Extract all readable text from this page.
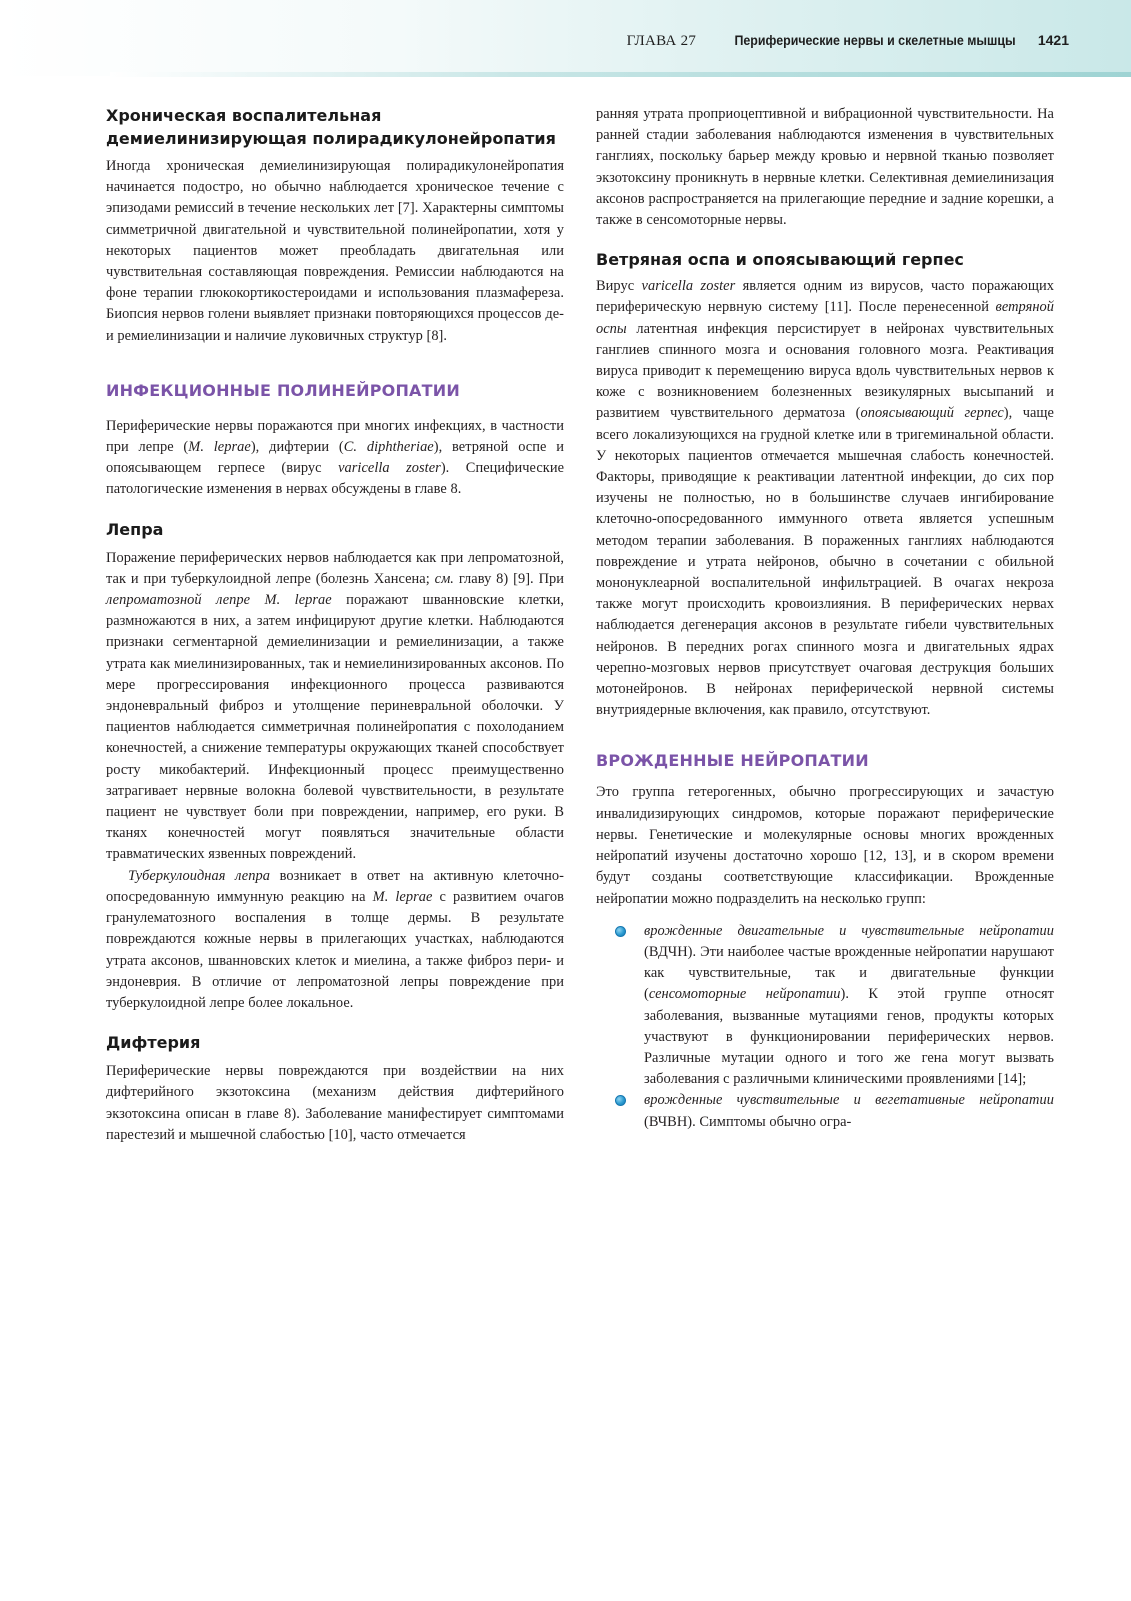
ГЛАВА 27	Периферические нервы и скелетные мышцы 1421
Хроническая воспалительная демиелинизирующая полирадикулонейропатия

Иногда хроническая демиелинизирующая полирадикулонейропатия начинается подостро, но обычно наблюдается хроническое течение с эпизодами ремиссий в течение нескольких лет [7]. Характерны симптомы симметричной двигательной и чувствительной полинейропатии, хотя у некоторых пациентов может преобладать двигательная или чувствительная составляющая повреждения. Ремиссии наблюдаются на фоне терапии глюкокортикостероидами и использования плазмафереза. Биопсия нервов голени выявляет признаки повторяющихся процессов де- и ремиелинизации и наличие луковичных структур [8].

ИНФЕКЦИОННЫЕ ПОЛИНЕЙРОПАТИИ

Периферические нервы поражаются при многих инфекциях, в частности при лепре (M. leprae), дифтерии (C. diphtheriae), ветряной оспе и опоясывающем герпесе (вирус varicella zoster). Специфические патологические изменения в нервах обсуждены в главе 8.

Лепра

Поражение периферических нервов наблюдается как при лепроматозной, так и при туберкулоидной лепре (болезнь Хансена; см. главу 8) [9]. При лепроматозной лепре M. leprae поражают шванновские клетки, размножаются в них, а затем инфицируют другие клетки. Наблюдаются признаки сегментарной демиелинизации и ремиелинизации, а также утрата как миелинизированных, так и немиелинизированных аксонов. По мере прогрессирования инфекционного процесса развиваются эндоневральный фиброз и утолщение периневральной оболочки. У пациентов наблюдается симметричная полинейропатия с похолоданием конечностей, а снижение температуры окружающих тканей способствует росту микобактерий. Инфекционный процесс преимущественно затрагивает нервные волокна болевой чувствительности, в результате пациент не чувствует боли при повреждении, например, его руки. В тканях конечностей могут появляться значительные области травматических язвенных повреждений.

Туберкулоидная лепра возникает в ответ на активную клеточно-опосредованную иммунную реакцию на M. leprae с развитием очагов гранулематозного воспаления в толще дермы. В результате повреждаются кожные нервы в прилегающих участках, наблюдаются утрата аксонов, шванновских клеток и миелина, а также фиброз пери- и эндоневрия. В отличие от лепроматозной лепры повреждение при туберкулоидной лепре более локальное.

Дифтерия

Периферические нервы повреждаются при воздействии на них дифтерийного экзотоксина (механизм действия дифтерийного экзотоксина описан в главе 8). Заболевание манифестирует симптомами парестезий и мышечной слабостью [10], часто отмечается

ранняя утрата проприоцептивной и вибрационной чувствительности. На ранней стадии заболевания наблюдаются изменения в чувствительных ганглиях, поскольку барьер между кровью и нервной тканью позволяет экзотоксину проникнуть в нервные клетки. Селективная демиелинизация аксонов распространяется на прилегающие передние и задние корешки, а также в сенсомоторные нервы.

Ветряная оспа и опоясывающий герпес

Вирус varicella zoster является одним из вирусов, часто поражающих периферическую нервную систему [11]. После перенесенной ветряной оспы латентная инфекция персистирует в нейронах чувствительных ганглиев спинного мозга и основания головного мозга. Реактивация вируса приводит к перемещению вируса вдоль чувствительных нервов к коже с возникновением болезненных везикулярных высыпаний и развитием чувствительного дерматоза (опоясывающий герпес), чаще всего локализующихся на грудной клетке или в тригеминальной области. У некоторых пациентов отмечается мышечная слабость конечностей. Факторы, приводящие к реактивации латентной инфекции, до сих пор изучены не полностью, но в большинстве случаев ингибирование клеточно-опосредованного иммунного ответа является успешным методом терапии заболевания. В пораженных ганглиях наблюдаются повреждение и утрата нейронов, обычно в сочетании с обильной мононуклеарной воспалительной инфильтрацией. В очагах некроза также могут происходить кровоизлияния. В периферических нервах наблюдается дегенерация аксонов в результате гибели чувствительных нейронов. В передних рогах спинного мозга и двигательных ядрах черепно-мозговых нервов присутствует очаговая деструкция больших мотонейронов. В нейронах периферической нервной системы внутриядерные включения, как правило, отсутствуют.

ВРОЖДЕННЫЕ НЕЙРОПАТИИ

Это группа гетерогенных, обычно прогрессирующих и зачастую инвалидизирующих синдромов, которые поражают периферические нервы. Генетические и молекулярные основы многих врожденных нейропатий изучены достаточно хорошо [12, 13], и в скором времени будут созданы соответствующие классификации. Врожденные нейропатии можно подразделить на несколько групп:

врожденные двигательные и чувствительные нейропатии (ВДЧН). Эти наиболее частые врожденные нейропатии нарушают как чувствительные, так и двигательные функции (сенсомоторные нейропатии). К этой группе относят заболевания, вызванные мутациями генов, продукты которых участвуют в функционировании периферических нервов. Различные мутации одного и того же гена могут вызвать заболевания с различными клиническими проявлениями [14];

врожденные чувствительные и вегетативные нейропатии (ВЧВН). Симптомы обычно огра-
